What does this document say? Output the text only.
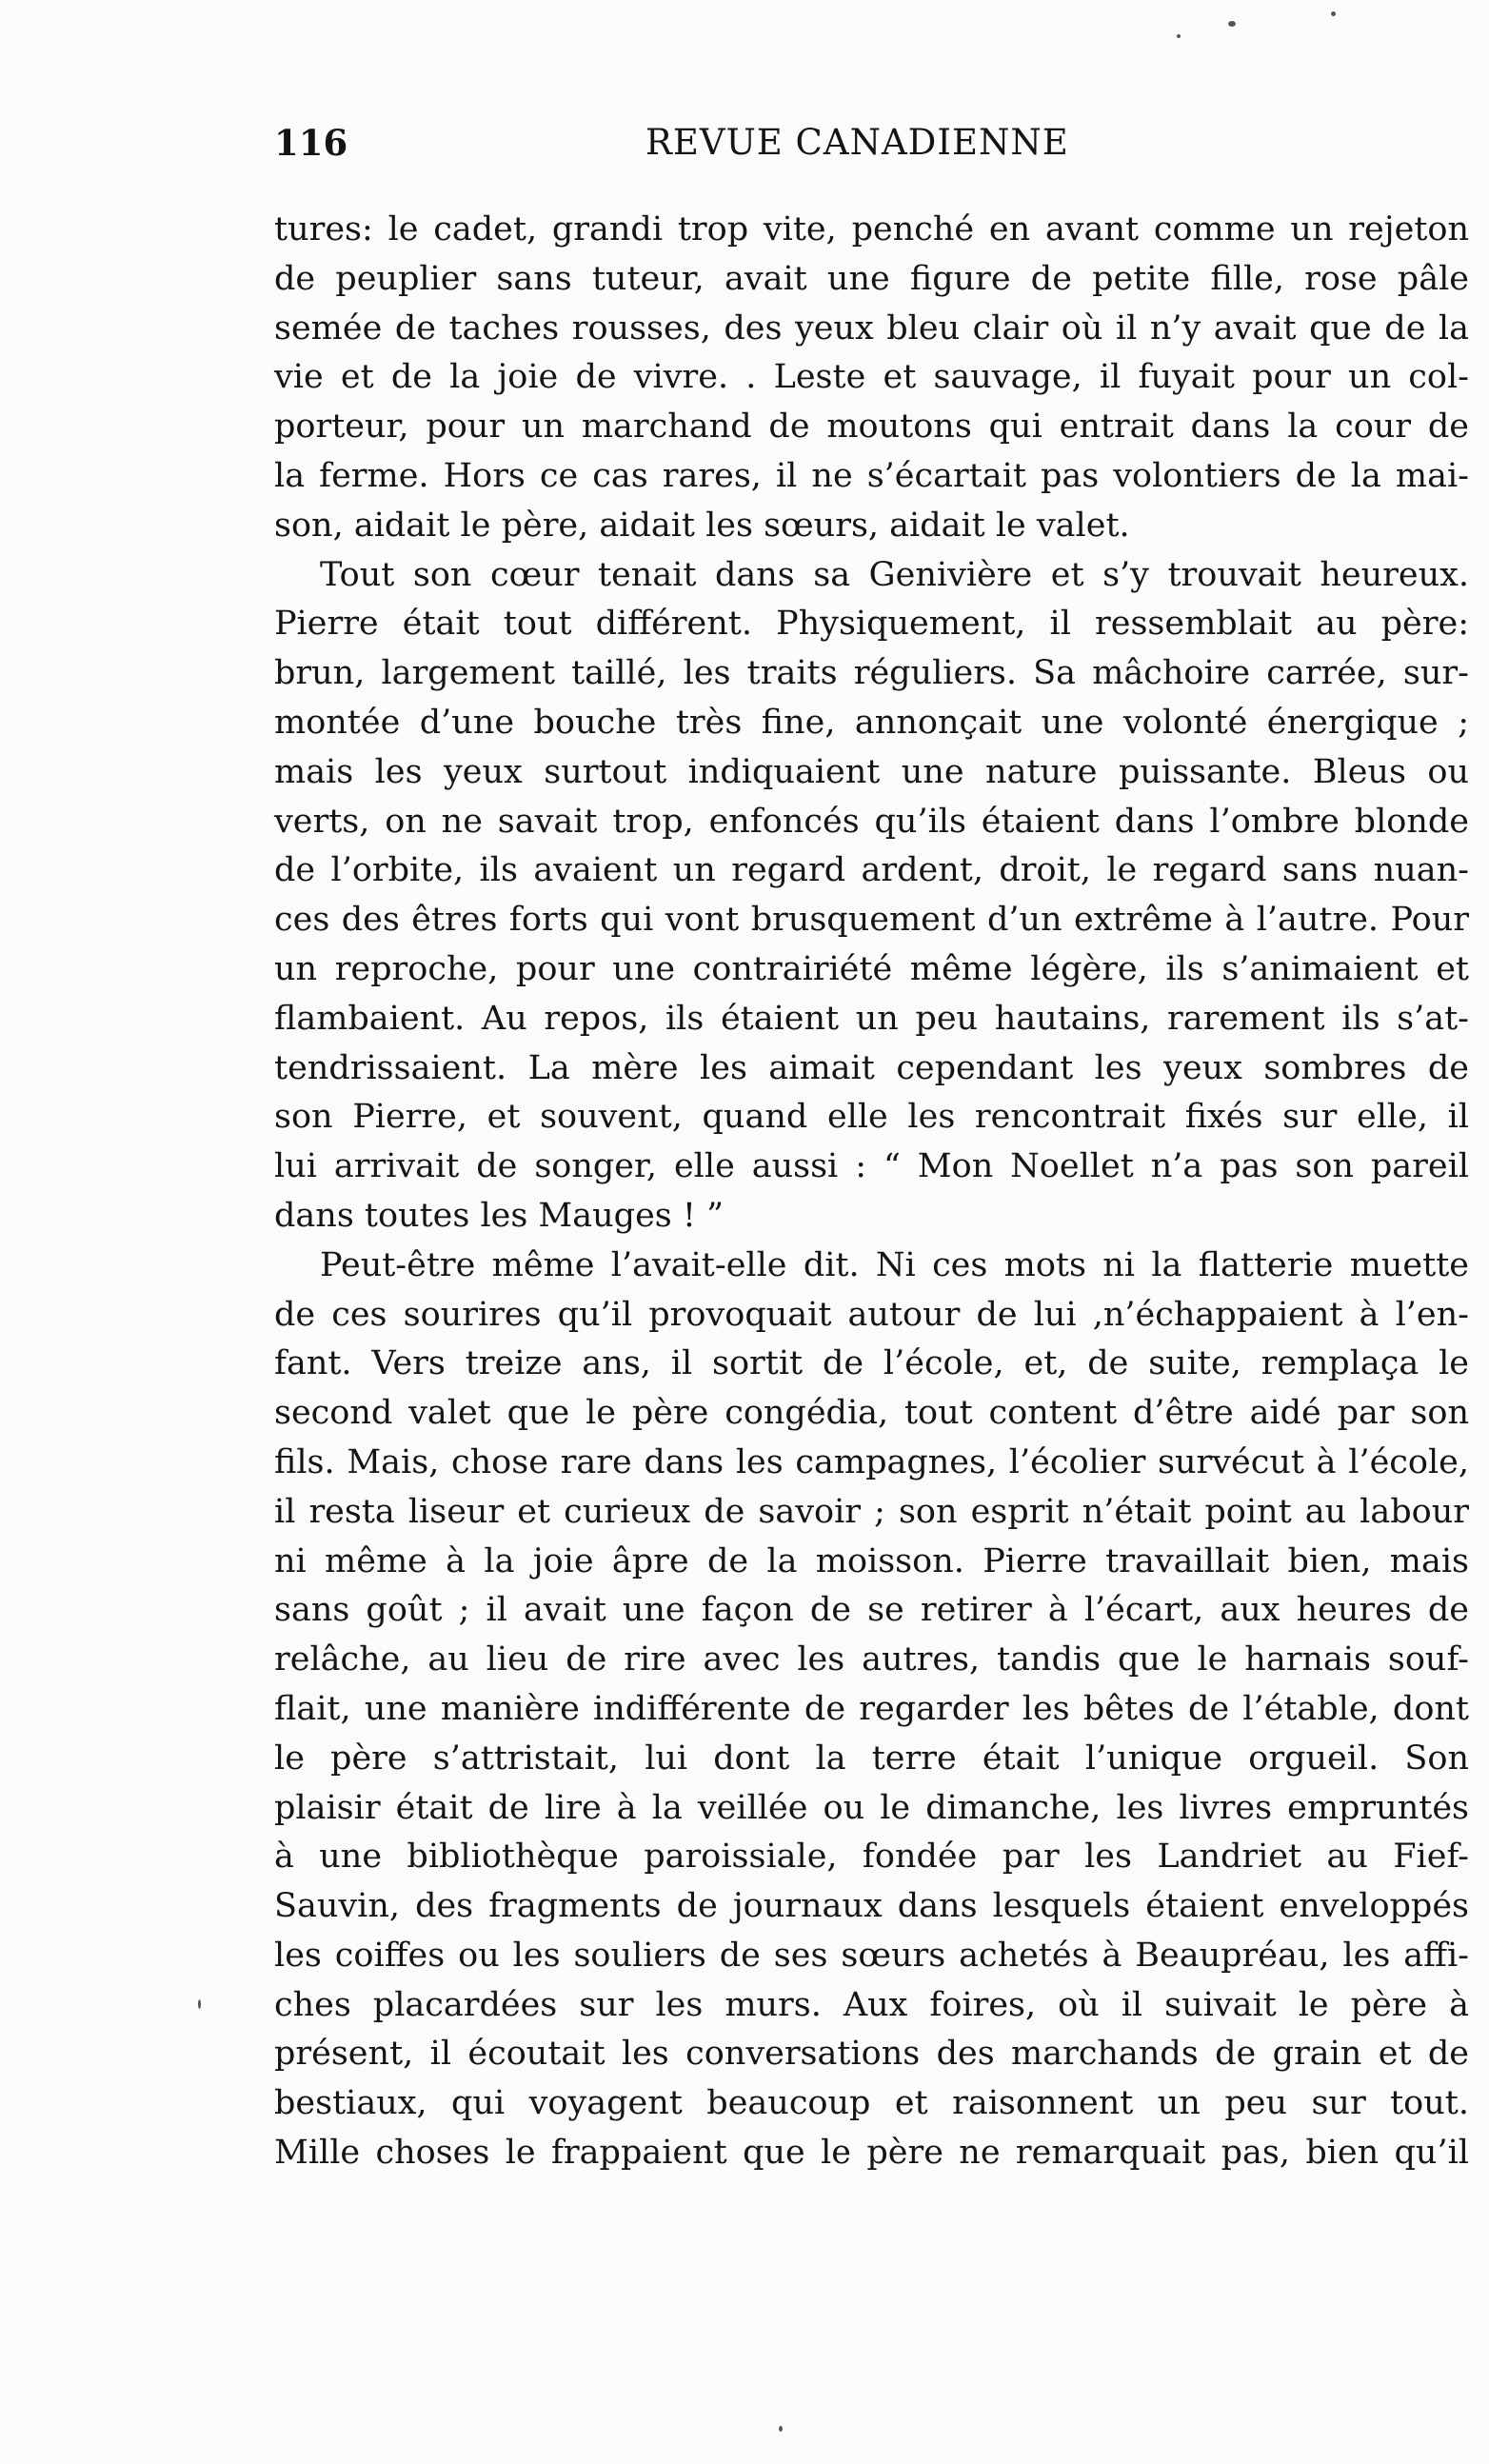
116	REVUE CANADIENNE
tures: le cadet, grandi trop vite, penché en avant comme un rejeton
de peuplier sans tuteur, avait une figure de petite fille, rose pâle
semée de taches rousses, des yeux bleu clair où il n’y avait que de la
vie et de la joie de vivre. . Leste et sauvage, il fuyait pour un col-
porteur, pour un marchand de moutons qui entrait dans la cour de
la ferme. Hors ce cas rares, il ne s’écartait pas volontiers de la mai-
son, aidait le père, aidait les sœurs, aidait le valet.
Tout son cœur tenait dans sa Genivière et s’y trouvait heureux.
Pierre était tout différent. Physiquement, il ressemblait au père:
brun, largement taillé, les traits réguliers. Sa mâchoire carrée, sur-
montée d’une bouche très fine, annonçait une volonté énergique ;
mais les yeux surtout indiquaient une nature puissante. Bleus ou
verts, on ne savait trop, enfoncés qu’ils étaient dans l’ombre blonde
de l’orbite, ils avaient un regard ardent, droit, le regard sans nuan-
ces des êtres forts qui vont brusquement d’un extrême à l’autre. Pour
un reproche, pour une contrairiété même légère, ils s’animaient et
flambaient. Au repos, ils étaient un peu hautains, rarement ils s’at-
tendrissaient. La mère les aimait cependant les yeux sombres de
son Pierre, et souvent, quand elle les rencontrait fixés sur elle, il
lui arrivait de songer, elle aussi : “ Mon Noellet n’a pas son pareil
dans toutes les Mauges ! ”
Peut-être même l’avait-elle dit. Ni ces mots ni la flatterie muette
de ces sourires qu’il provoquait autour de lui ,n’échappaient à l’en-
fant. Vers treize ans, il sortit de l’école, et, de suite, remplaça le
second valet que le père congédia, tout content d’être aidé par son
fils. Mais, chose rare dans les campagnes, l’écolier survécut à l’école,
il resta liseur et curieux de savoir ; son esprit n’était point au labour
ni même à la joie âpre de la moisson. Pierre travaillait bien, mais
sans goût ; il avait une façon de se retirer à l’écart, aux heures de
relâche, au lieu de rire avec les autres, tandis que le harnais souf-
flait, une manière indifférente de regarder les bêtes de l’étable, dont
le père s’attristait, lui dont la terre était l’unique orgueil. Son
plaisir était de lire à la veillée ou le dimanche, les livres empruntés
à une bibliothèque paroissiale, fondée par les Landriet au Fief-
Sauvin, des fragments de journaux dans lesquels étaient enveloppés
les coiffes ou les souliers de ses sœurs achetés à Beaupréau, les affi-
ches placardées sur les murs. Aux foires, où il suivait le père à
présent, il écoutait les conversations des marchands de grain et de
bestiaux, qui voyagent beaucoup et raisonnent un peu sur tout.
Mille choses le frappaient que le père ne remarquait pas, bien qu’il
